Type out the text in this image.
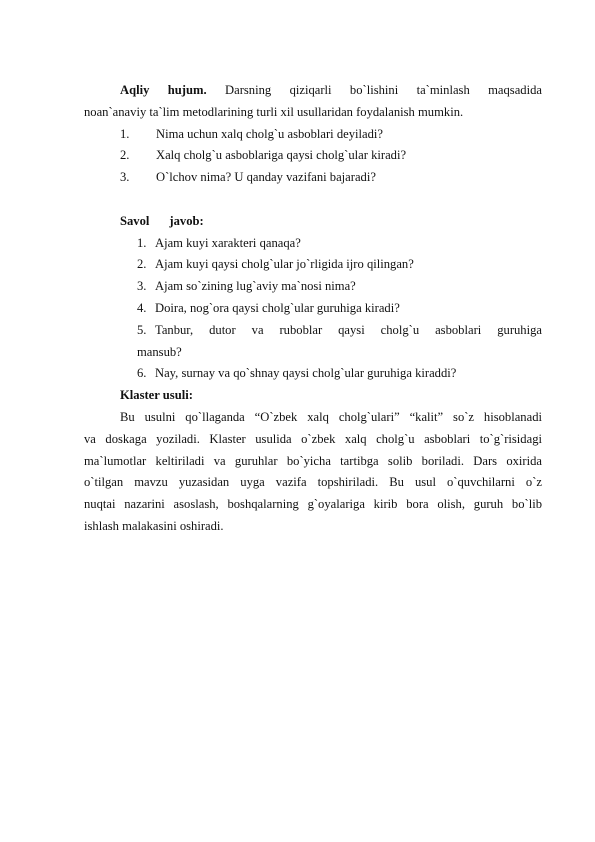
Aqliy hujum. Darsning qiziqarli bo`lishini ta`minlash maqsadida
noan`anaviy ta`lim metodlarining turli xil usullaridan foydalanish mumkin.
1.	Nima uchun xalq cholg`u asboblari deyiladi?
2.	Xalq cholg`u asboblariga qaysi cholg`ular kiradi?
3.	O`lchov nima? U qanday vazifani bajaradi?
Savol javob:
1. Ajam kuyi xarakteri qanaqa?
2. Ajam kuyi qaysi cholg`ular jo`rligida ijro qilingan?
3. Ajam so`zining lug`aviy ma`nosi nima?
4. Doira, nog`ora qaysi cholg`ular guruhiga kiradi?
5. Tanbur, dutor va ruboblar qaysi cholg`u asboblari guruhiga
mansub?
6. Nay, surnay va qo`shnay qaysi cholg`ular guruhiga kiraddi?
Klaster usuli:
Bu usulni qo`llaganda “O`zbek xalq cholg`ulari” “kalit” so`z hisoblanadi
va doskaga yoziladi. Klaster usulida o`zbek xalq cholg`u asboblari to`g`risidagi
ma`lumotlar keltiriladi va guruhlar bo`yicha tartibga solib boriladi. Dars oxirida
o`tilgan mavzu yuzasidan uyga vazifa topshiriladi. Bu usul o`quvchilarni o`z
nuqtai nazarini asoslash, boshqalarning g`oyalariga kirib bora olish, guruh bo`lib
ishlash malakasini oshiradi.
